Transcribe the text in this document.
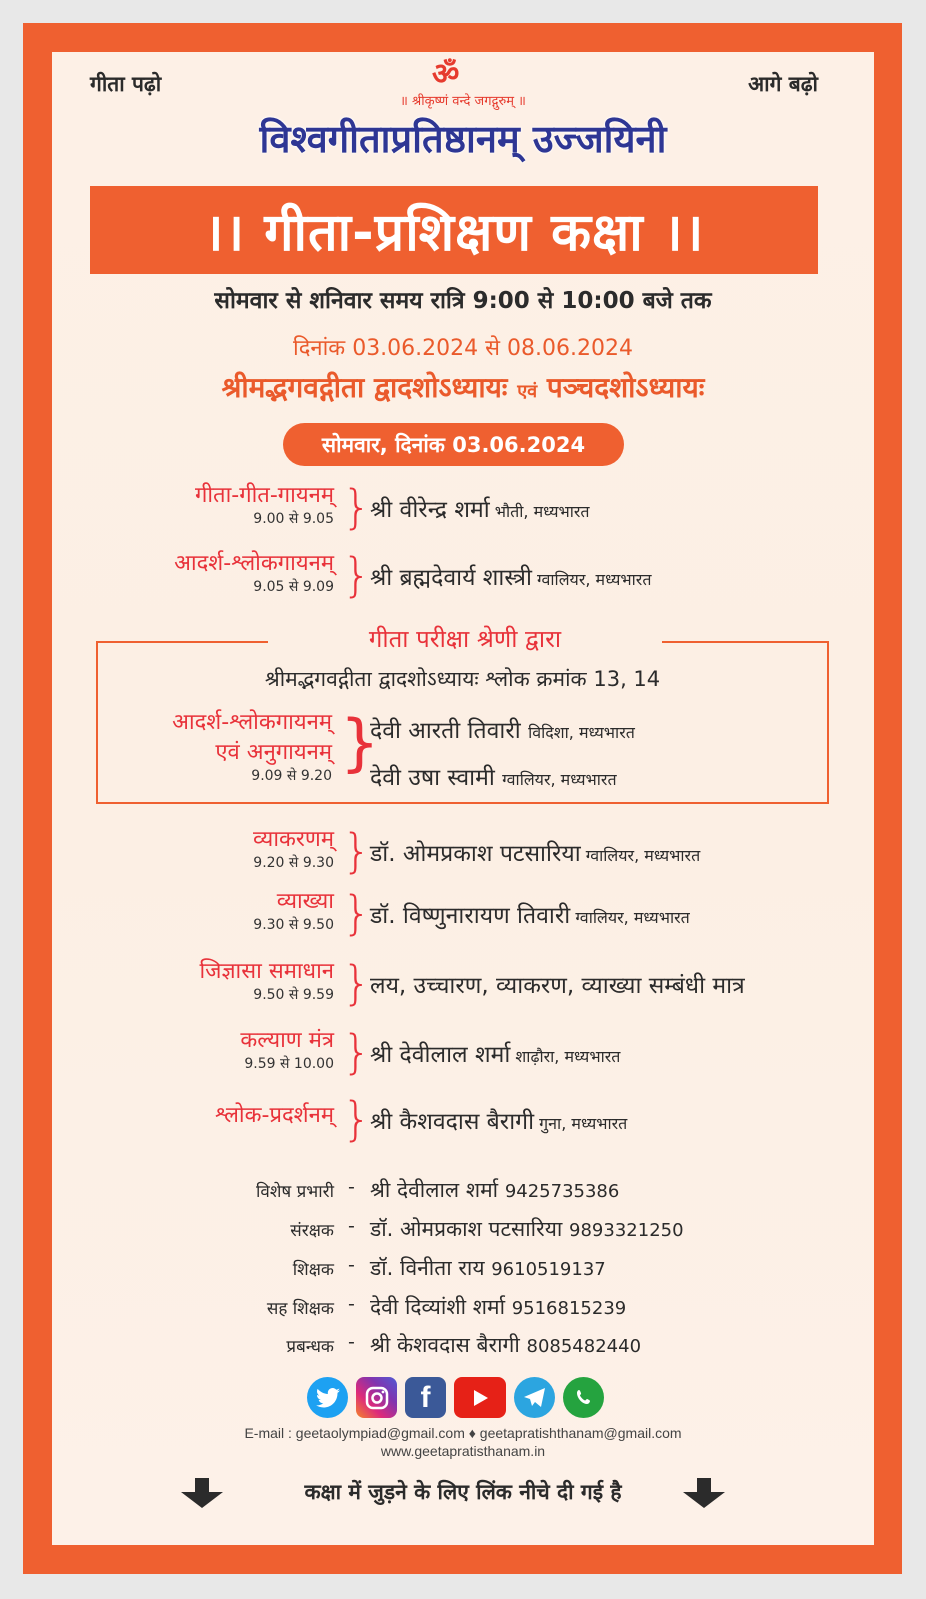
गीता पढ़ो	आगे बढ़ो
ॐ
॥ श्रीकृष्णं वन्दे जगद्गुरुम् ॥
विश्वगीताप्रतिष्ठानम् उज्जयिनी
।। गीता-प्रशिक्षण कक्षा ।।
सोमवार से शनिवार समय रात्रि 9:00 से 10:00 बजे तक
दिनांक 03.06.2024 से 08.06.2024
श्रीमद्भगवद्गीता द्वादशोऽध्यायः एवं पञ्चदशोऽध्यायः
सोमवार, दिनांक 03.06.2024
गीता-गीत-गायनम्
9.00 से 9.05 }
श्री वीरेन्द्र शर्मा भौती, मध्यभारत
आदर्श-श्लोकगायनम्
9.05 से 9.09 }
श्री ब्रह्मदेवार्य शास्त्री ग्वालियर, मध्यभारत
गीता परीक्षा श्रेणी द्वारा
श्रीमद्भगवद्गीता द्वादशोऽध्यायः श्लोक क्रमांक 13, 14
आदर्श-श्लोकगायनम्
एवं अनुगायनम्
9.09 से 9.20 }
देवी आरती तिवारी विदिशा, मध्यभारत
देवी उषा स्वामी ग्वालियर, मध्यभारत
व्याकरणम्
9.20 से 9.30 }
डॉ. ओमप्रकाश पटसारिया ग्वालियर, मध्यभारत
व्याख्या
9.30 से 9.50 }
डॉ. विष्णुनारायण तिवारी ग्वालियर, मध्यभारत
जिज्ञासा समाधान
9.50 से 9.59 }
लय, उच्चारण, व्याकरण, व्याख्या सम्बंधी मात्र
कल्याण मंत्र
9.59 से 10.00 }
श्री देवीलाल शर्मा शाढ़ौरा, मध्यभारत
श्लोक-प्रदर्शनम् }
श्री कैशवदास बैरागी गुना, मध्यभारत
विशेष प्रभारी - श्री देवीलाल शर्मा 9425735386
संरक्षक - डॉ. ओमप्रकाश पटसारिया 9893321250
शिक्षक - डॉ. विनीता राय 9610519137
सह शिक्षक - देवी दिव्यांशी शर्मा 9516815239
प्रबन्धक - श्री केशवदास बैरागी 8085482440
f
E-mail : geetaolympiad@gmail.com ♦ geetapratishthanam@gmail.com
www.geetapratisthanam.in
कक्षा में जुड़ने के लिए लिंक नीचे दी गई है
